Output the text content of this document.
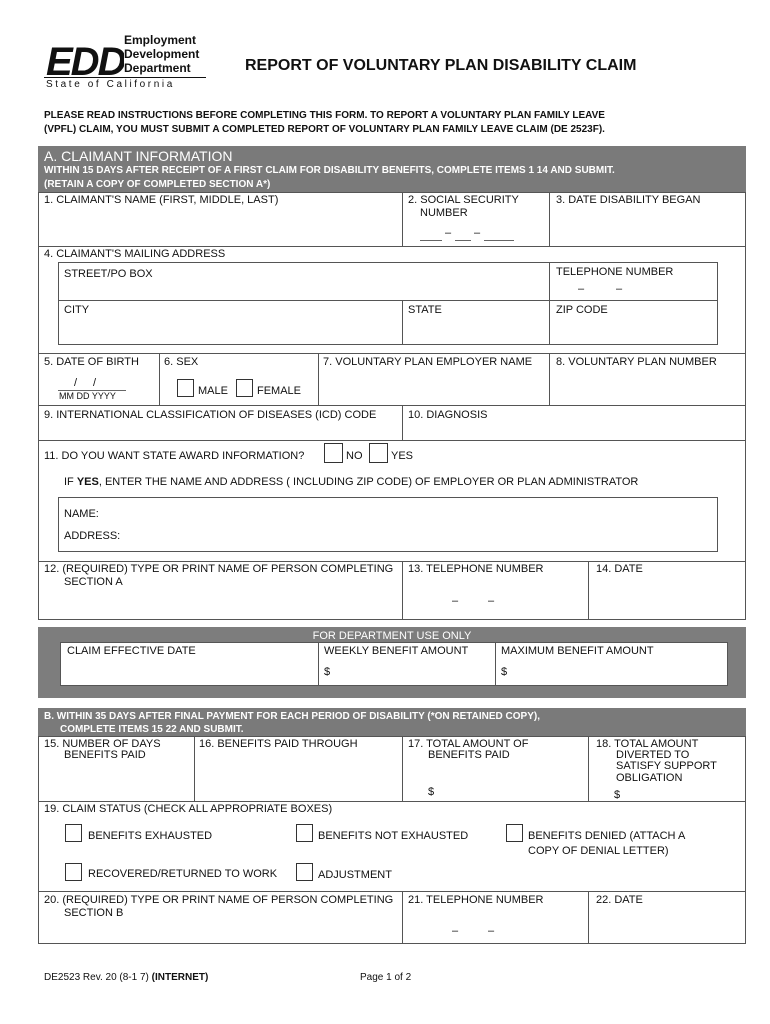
EDD Employment
Development
Department
State of California
REPORT OF VOLUNTARY PLAN DISABILITY CLAIM
PLEASE READ INSTRUCTIONS BEFORE COMPLETING THIS FORM. TO REPORT A VOLUNTARY PLAN FAMILY LEAVE
(VPFL) CLAIM, YOU MUST SUBMIT A COMPLETED REPORT OF VOLUNTARY PLAN FAMILY LEAVE CLAIM (DE 2523F).
A. CLAIMANT INFORMATION
WITHIN 15 DAYS AFTER RECEIPT OF A FIRST CLAIM FOR DISABILITY BENEFITS, COMPLETE ITEMS 1 14 AND SUBMIT.
(RETAIN A COPY OF COMPLETED SECTION A*)
1. CLAIMANT'S NAME (FIRST, MIDDLE, LAST)	2. SOCIAL SECURITY
NUMBER
– –
3. DATE DISABILITY BEGAN
4. CLAIMANT'S MAILING ADDRESS
STREET/PO BOX	TELEPHONE NUMBER
–	–
CITY	STATE	ZIP CODE
5. DATE OF BIRTH
/ /
MM DD YYYY
6. SEX
MALE	FEMALE
7. VOLUNTARY PLAN EMPLOYER NAME 8. VOLUNTARY PLAN NUMBER
9. INTERNATIONAL CLASSIFICATION OF DISEASES (ICD) CODE	10. DIAGNOSIS
11. DO YOU WANT STATE AWARD INFORMATION?	NO	YES
IF YES, ENTER THE NAME AND ADDRESS ( INCLUDING ZIP CODE) OF EMPLOYER OR PLAN ADMINISTRATOR
NAME:
ADDRESS:
12. (REQUIRED) TYPE OR PRINT NAME OF PERSON COMPLETING
SECTION A
13. TELEPHONE NUMBER
–	–
14. DATE
FOR DEPARTMENT USE ONLY
CLAIM EFFECTIVE DATE	WEEKLY BENEFIT AMOUNT
$
MAXIMUM BENEFIT AMOUNT
$
B. WITHIN 35 DAYS AFTER FINAL PAYMENT FOR EACH PERIOD OF DISABILITY (*ON RETAINED COPY),
COMPLETE ITEMS 15 22 AND SUBMIT.
15. NUMBER OF DAYS
BENEFITS PAID
16. BENEFITS PAID THROUGH	17. TOTAL AMOUNT OF
BENEFITS PAID
$
18. TOTAL AMOUNT
DIVERTED TO
SATISFY SUPPORT
OBLIGATION
$
19. CLAIM STATUS (CHECK ALL APPROPRIATE BOXES)
BENEFITS EXHAUSTED	BENEFITS NOT EXHAUSTED	BENEFITS DENIED (ATTACH A
COPY OF DENIAL LETTER)
RECOVERED/RETURNED TO WORK	ADJUSTMENT
20. (REQUIRED) TYPE OR PRINT NAME OF PERSON COMPLETING
SECTION B
21. TELEPHONE NUMBER
–	–
22. DATE
DE2523 Rev. 20 (8-1 7) (INTERNET)	Page 1 of 2
